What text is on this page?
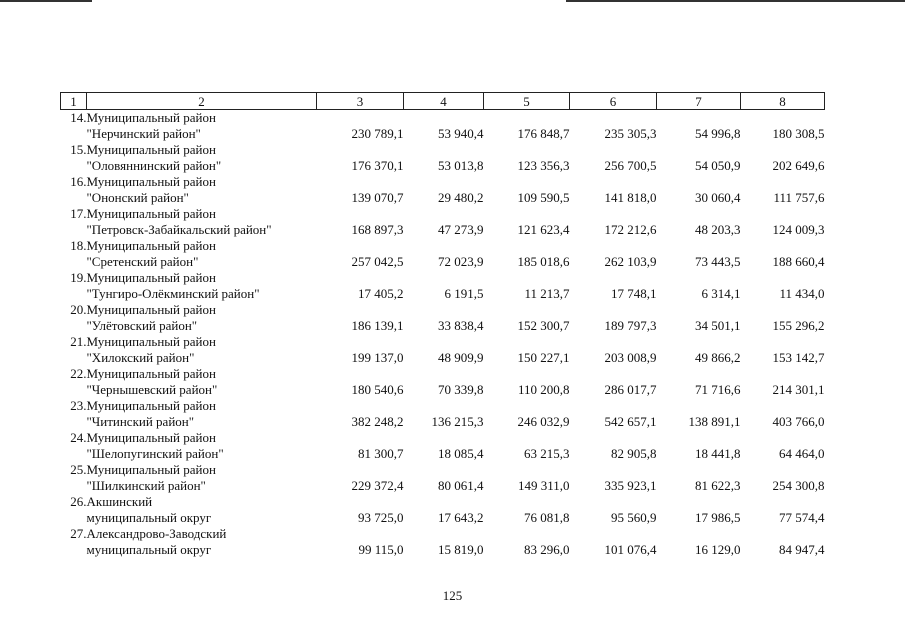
1	2	3	4	5	6	7	8
14.	Муниципальный район
"Нерчинский район"	230 789,1	53 940,4	176 848,7	235 305,3	54 996,8	180 308,5
15.	Муниципальный район
"Оловяннинский район"	176 370,1	53 013,8	123 356,3	256 700,5	54 050,9	202 649,6
16.	Муниципальный район
"Ононский район"	139 070,7	29 480,2	109 590,5	141 818,0	30 060,4	111 757,6
17.	Муниципальный район
"Петровск-Забайкальский район"	168 897,3	47 273,9	121 623,4	172 212,6	48 203,3	124 009,3
18.	Муниципальный район
"Сретенский район"	257 042,5	72 023,9	185 018,6	262 103,9	73 443,5	188 660,4
19.	Муниципальный район
"Тунгиро-Олёкминский район"	17 405,2	6 191,5	11 213,7	17 748,1	6 314,1	11 434,0
20.	Муниципальный район
"Улётовский район"	186 139,1	33 838,4	152 300,7	189 797,3	34 501,1	155 296,2
21.	Муниципальный район
"Хилокский район"	199 137,0	48 909,9	150 227,1	203 008,9	49 866,2	153 142,7
22.	Муниципальный район
"Чернышевский район"	180 540,6	70 339,8	110 200,8	286 017,7	71 716,6	214 301,1
23.	Муниципальный район
"Читинский район"	382 248,2	136 215,3	246 032,9	542 657,1	138 891,1	403 766,0
24.	Муниципальный район
"Шелопугинский район"	81 300,7	18 085,4	63 215,3	82 905,8	18 441,8	64 464,0
25.	Муниципальный район
"Шилкинский район"	229 372,4	80 061,4	149 311,0	335 923,1	81 622,3	254 300,8
26.	Акшинский
муниципальный округ	93 725,0	17 643,2	76 081,8	95 560,9	17 986,5	77 574,4
27.	Александрово-Заводский
муниципальный округ	99 115,0	15 819,0	83 296,0	101 076,4	16 129,0	84 947,4
125
